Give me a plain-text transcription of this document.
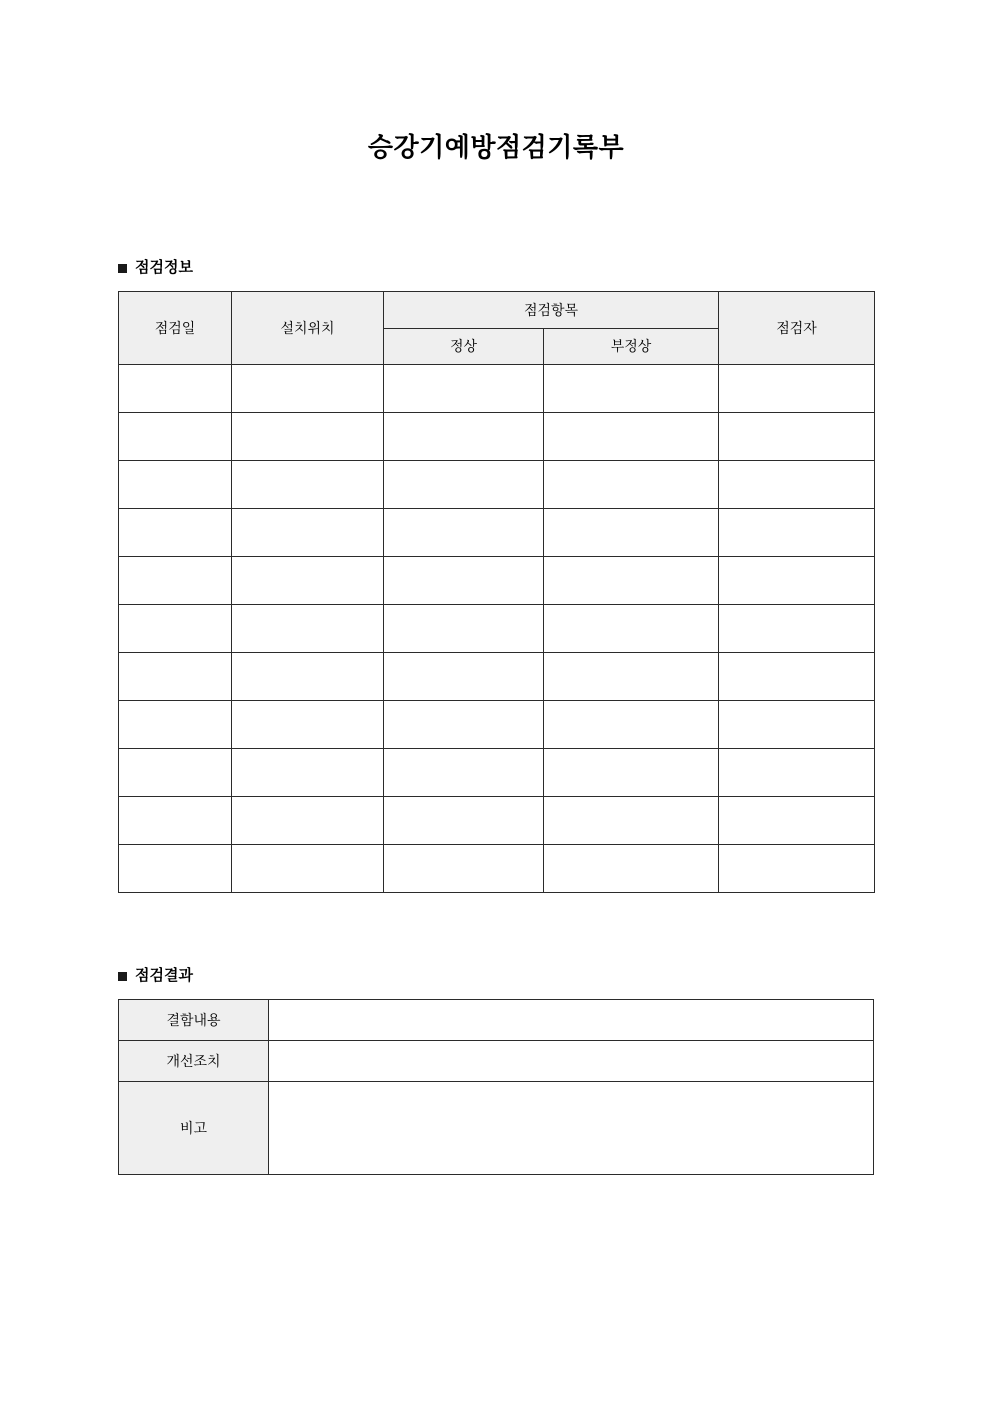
승강기예방점검기록부
점검정보
점검일	설치위치	점검항목		점검자
		정상	부정상	

점검결과
결함내용	
개선조치	
비고	
